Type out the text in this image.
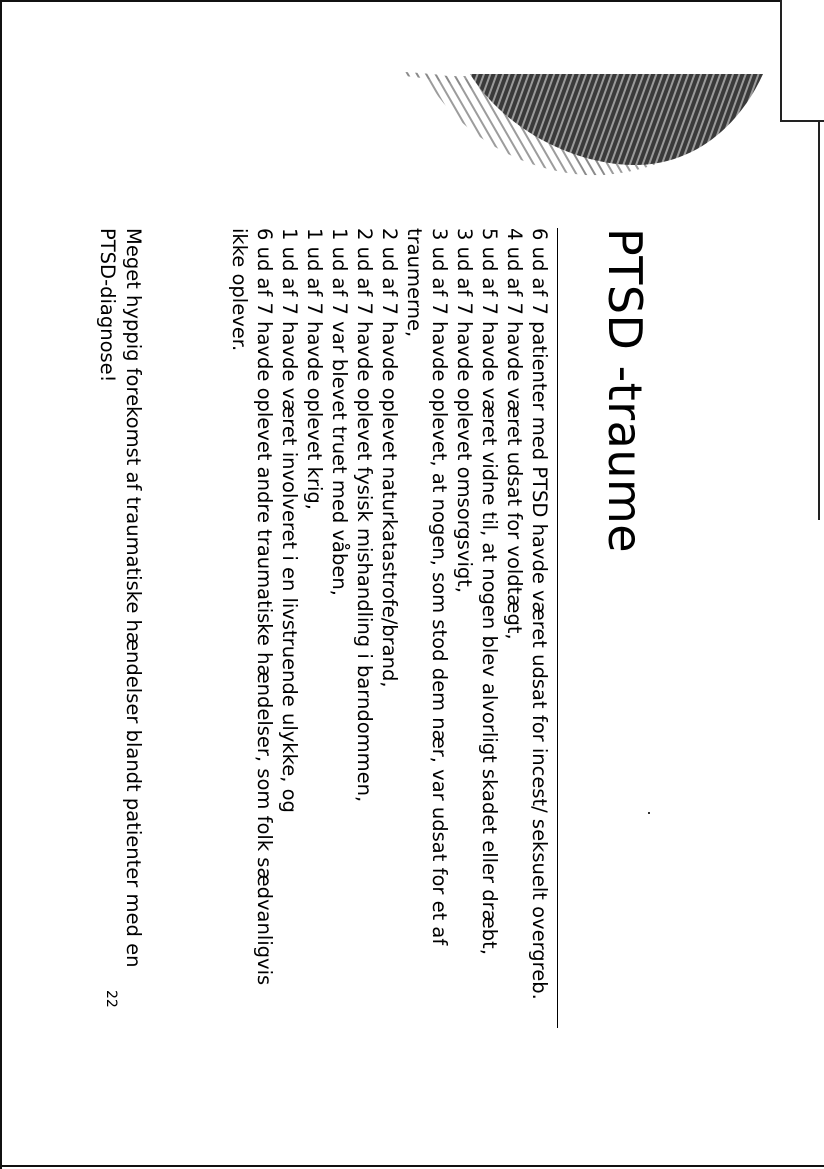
PTSD -traume

6 ud af 7 patienter med PTSD havde været udsat for incest/ seksuelt overgreb.

4 ud af 7 havde været udsat for voldtægt,

5 ud af 7 havde været vidne til, at nogen blev alvorligt skadet eller dræbt,

3 ud af 7 havde oplevet omsorgsvigt,

3 ud af 7 havde oplevet, at nogen, som stod dem nær, var udsat for et af traumerne,

2 ud af 7 havde oplevet naturkatastrofe/brand,

2 ud af 7 havde oplevet fysisk mishandling i barndommen,

1 ud af 7 var blevet truet med våben,

1 ud af 7 havde oplevet krig,

1 ud af 7 havde været involveret i en livstruende ulykke, og

6 ud af 7 havde oplevet andre traumatiske hændelser, som folk sædvanligvis ikke oplever.

Meget hyppig forekomst af traumatiske hændelser blandt patienter med en PTSD-diagnose!

22
